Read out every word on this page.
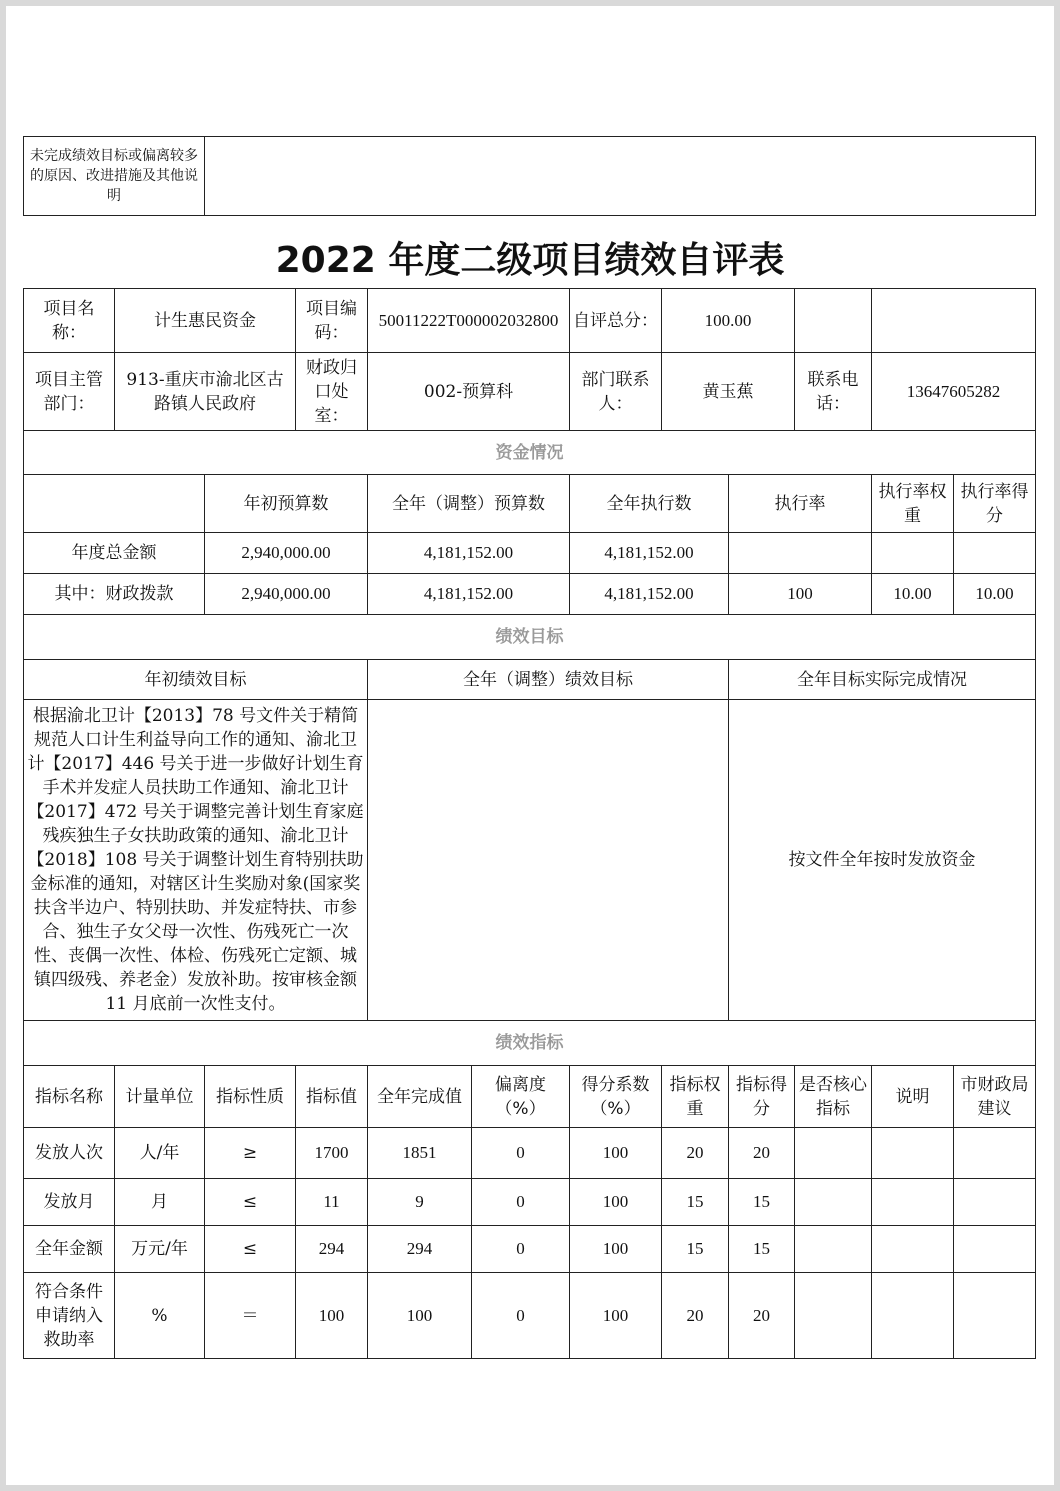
未完成绩效目标或偏离较多的原因、改进措施及其他说明	
2022 年度二级项目绩效自评表
项目名称：	计生惠民资金		项目编码：	50011222T000002032800		自评总分：	100.00				
项目主管部门：	913-重庆市渝北区古路镇人民政府		财政归口处室：	002-预算科		部门联系人：	黄玉蕉		联系电话：	13647605282	
资金情况											
		年初预算数		全年（调整）预算数		全年执行数		执行率		执行率权重	执行率得分
年度总金额		2,940,000.00		4,181,152.00		4,181,152.00					
其中：财政拨款		2,940,000.00		4,181,152.00		4,181,152.00		100		10.00	10.00
绩效目标											
年初绩效目标				全年（调整）绩效目标				全年目标实际完成情况			
根据渝北卫计【2013】78 号文件关于精简规范人口计生利益导向工作的通知、渝北卫计【2017】446 号关于进一步做好计划生育手术并发症人员扶助工作通知、渝北卫计【2017】472 号关于调整完善计划生育家庭残疾独生子女扶助政策的通知、渝北卫计【2018】108 号关于调整计划生育特别扶助金标准的通知，对辖区计生奖励对象(国家奖扶含半边户、特别扶助、并发症特扶、市参合、独生子女父母一次性、伤残死亡一次性、丧偶一次性、体检、伤残死亡定额、城镇四级残、养老金）发放补助。按审核金额11 月底前一次性支付。								按文件全年按时发放资金			
绩效指标											
指标名称	计量单位	指标性质	指标值	全年完成值	偏离度（%）	得分系数（%）	指标权重	指标得分	是否核心指标	说明	市财政局建议
发放人次	人/年	≥	1700	1851	0	100	20	20			
发放月	月	≤	11	9	0	100	15	15			
全年金额	万元/年	≤	294	294	0	100	15	15			
符合条件申请纳入救助率	%	＝	100	100	0	100	20	20			
